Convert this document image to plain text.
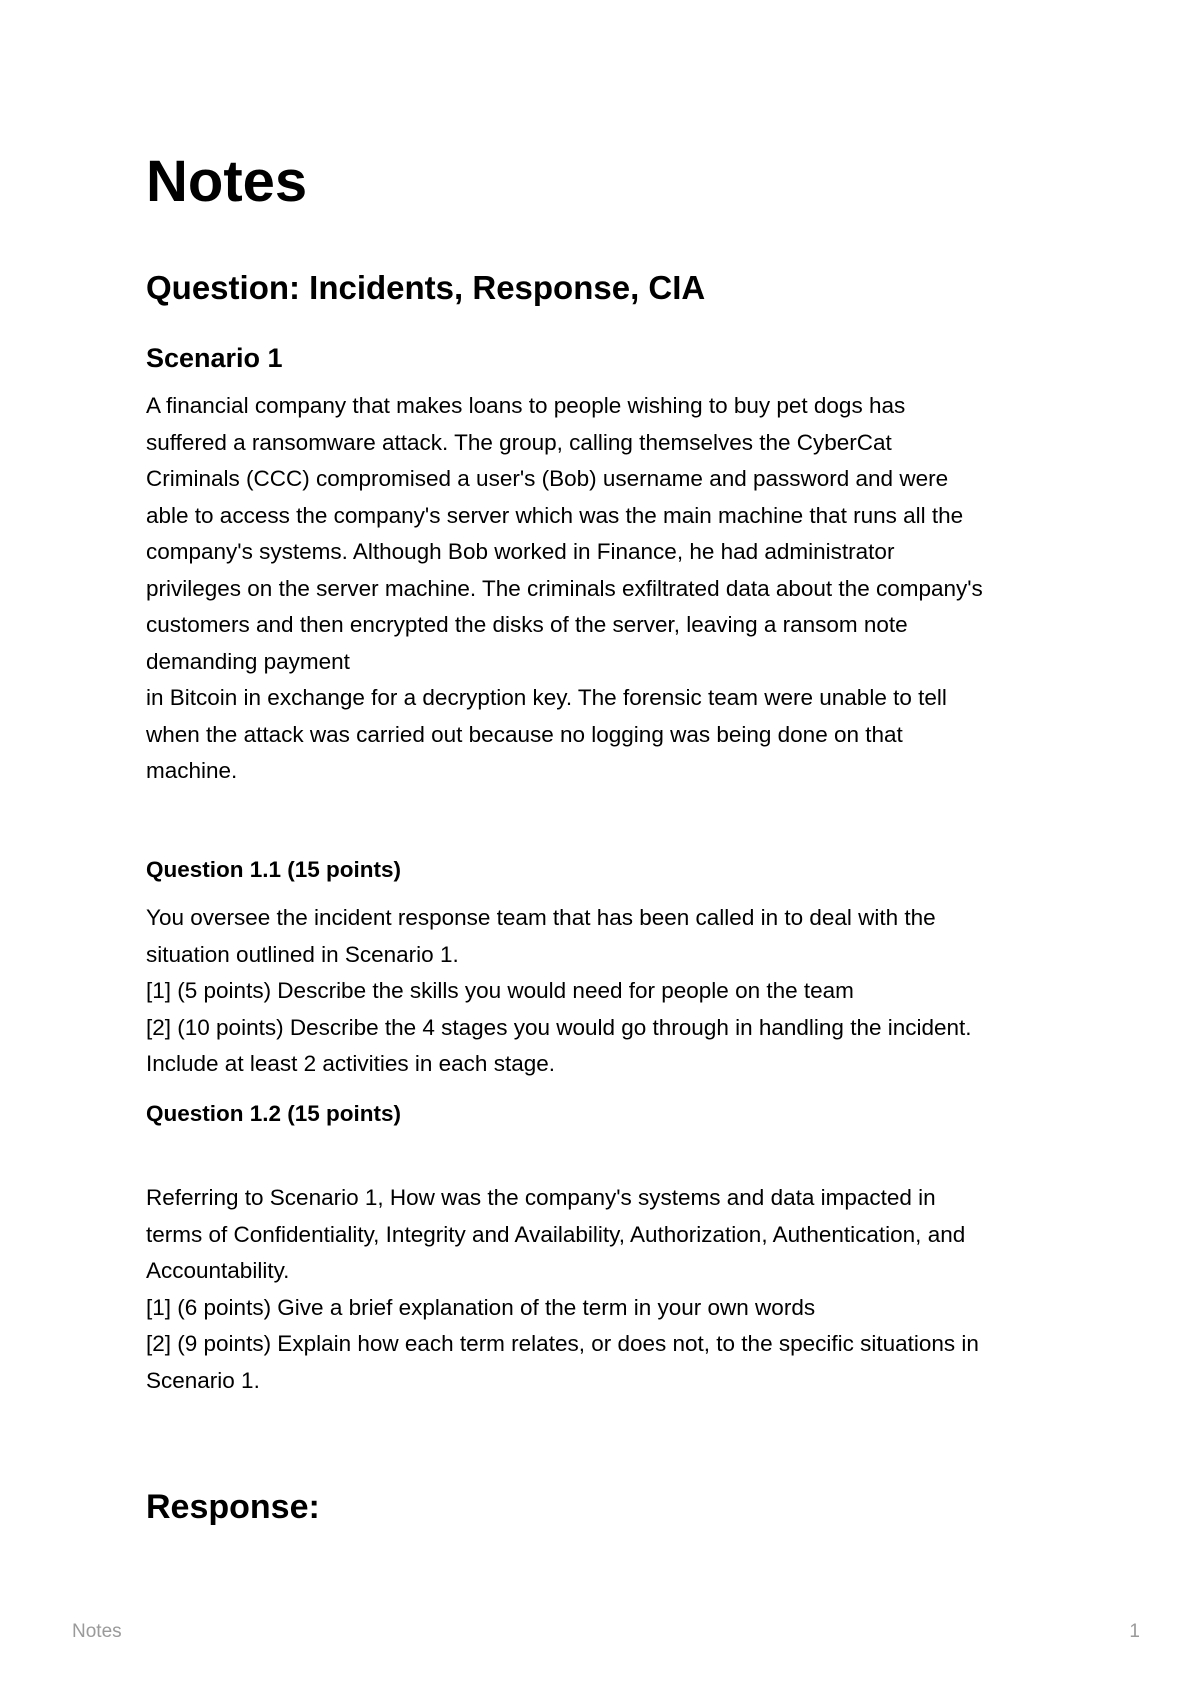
Notes
Question: Incidents, Response, CIA
Scenario 1

A financial company that makes loans to people wishing to buy pet dogs has
suffered a ransomware attack. The group, calling themselves the CyberCat
Criminals (CCC) compromised a user's (Bob) username and password and were
able to access the company's server which was the main machine that runs all the
company's systems. Although Bob worked in Finance, he had administrator
privileges on the server machine. The criminals exfiltrated data about the company's
customers and then encrypted the disks of the server, leaving a ransom note
demanding payment
in Bitcoin in exchange for a decryption key. The forensic team were unable to tell
when the attack was carried out because no logging was being done on that
machine.

Question 1.1 (15 points)

You oversee the incident response team that has been called in to deal with the
situation outlined in Scenario 1.
[1] (5 points) Describe the skills you would need for people on the team
[2] (10 points) Describe the 4 stages you would go through in handling the incident.
Include at least 2 activities in each stage.

Question 1.2 (15 points)

Referring to Scenario 1, How was the company's systems and data impacted in
terms of Confidentiality, Integrity and Availability, Authorization, Authentication, and
Accountability.
[1] (6 points) Give a brief explanation of the term in your own words
[2] (9 points) Explain how each term relates, or does not, to the specific situations in
Scenario 1.

Response:
Notes	1
